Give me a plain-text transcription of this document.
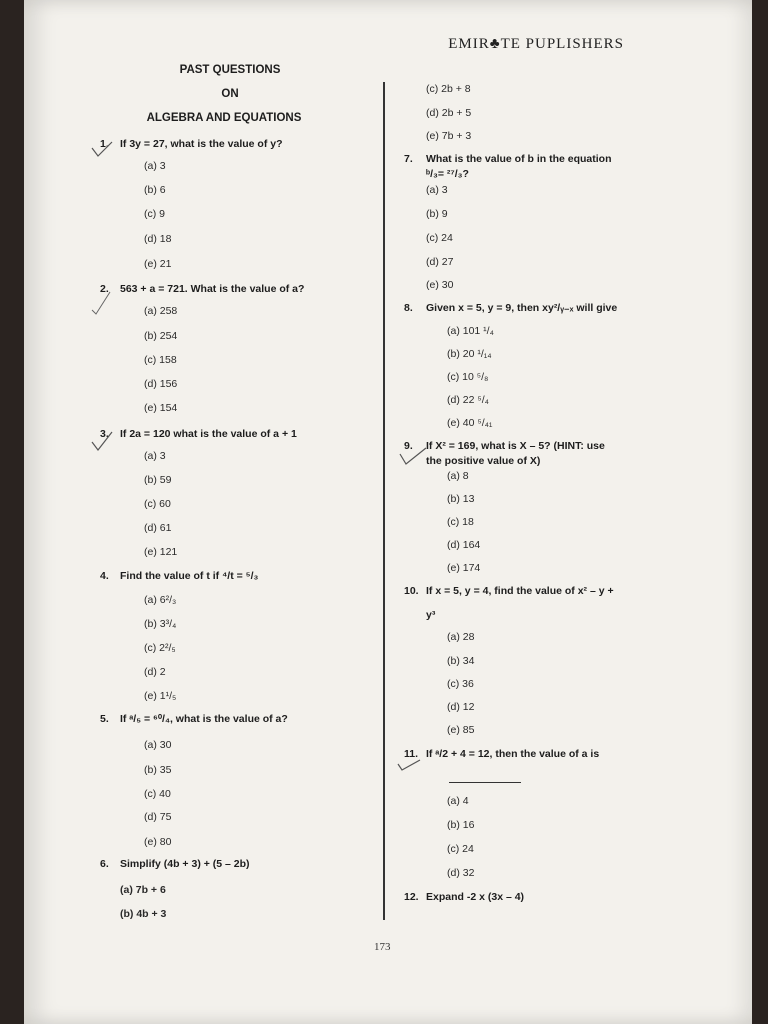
EMIR♣TE PUPLISHERS
PAST QUESTIONS
ON
ALGEBRA AND EQUATIONS
1. If 3y = 27, what is the value of y?
(a) 3
(b) 6
(c) 9
(d) 18
(e) 21
2. 563 + a = 721. What is the value of a?
(a) 258
(b) 254
(c) 158
(d) 156
(e) 154
3. If 2a = 120 what is the value of a + 1
(a) 3
(b) 59
(c) 60
(d) 61
(e) 121
4. Find the value of t if ⁴/t = ⁵/₃
(a) 6²/₃
(b) 3³/₄
(c) 2²/₅
(d) 2
(e) 1¹/₅
5. If ᵃ/₅ = ⁶⁰/₄, what is the value of a?
(a) 30
(b) 35
(c) 40
(d) 75
(e) 80
6. Simplify (4b + 3) + (5 – 2b)
(a) 7b + 6
(b) 4b + 3
(c) 2b + 8
(d) 2b + 5
(e) 7b + 3
7. What is the value of b in the equation
ᵇ/₃= ²⁷/₃?
(a) 3
(b) 9
(c) 24
(d) 27
(e) 30
8. Given x = 5, y = 9, then xy²/ᵧ₋ₓ will give
(a) 101 ¹/₄
(b) 20 ¹/₁₄
(c) 10 ⁵/₈
(d) 22 ⁵/₄
(e) 40 ⁵/₄₁
9. If X² = 169, what is X – 5? (HINT: use
the positive value of X)
(a) 8
(b) 13
(c) 18
(d) 164
(e) 174
10. If x = 5, y = 4, find the value of x² – y +
y³
(a) 28
(b) 34
(c) 36
(d) 12
(e) 85
11. If ᵃ/2 + 4 = 12, then the value of a is
(a) 4
(b) 16
(c) 24
(d) 32
12. Expand -2 x (3x – 4)
173
